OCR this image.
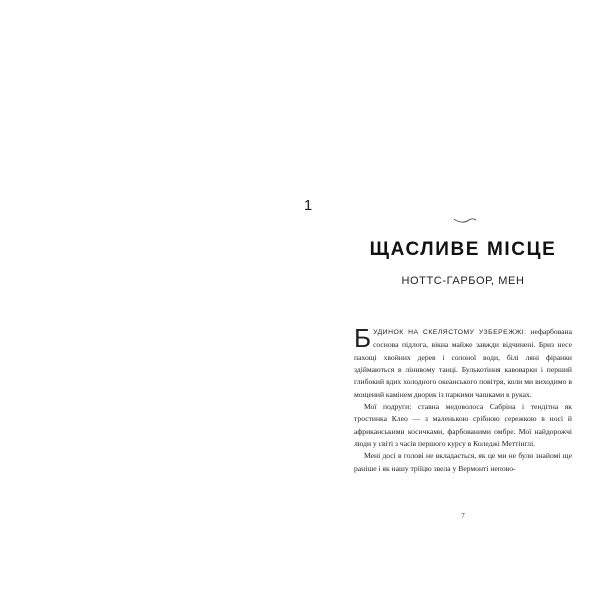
1
ЩАСЛИВЕ МІСЦЕ
НОТТС-ГАРБОР, МЕН

БУДИНОК НА СКЕЛЯСТОМУ УЗБЕРЕЖЖІ: нефарбована соснова підлога, вікна майже завжди відчинені. Бриз несе пахощі хвойних дерев і солоної води, білі ляні фіранки здіймаються в лінивому танці. Булькотіння кавоварки і перший глибокий вдих холодного океанського повітря, коли ми виходимо в мощений камінем дворик із паркими чашками в руках.

Мої подруги: ставна медоволоса Сабріна і тендітна як тростинка Клео — з маленькою срібною сережкою в носі й африканськими косичками, фарбованими омбре. Мої найдорожчі люди у світі з часів першого курсу в Коледжі Меттінглі.

Мені досі в голові не вкладається, як це ми не були знайомі ще раніше і як нашу тріїцю звела у Вермонті непово-

7
